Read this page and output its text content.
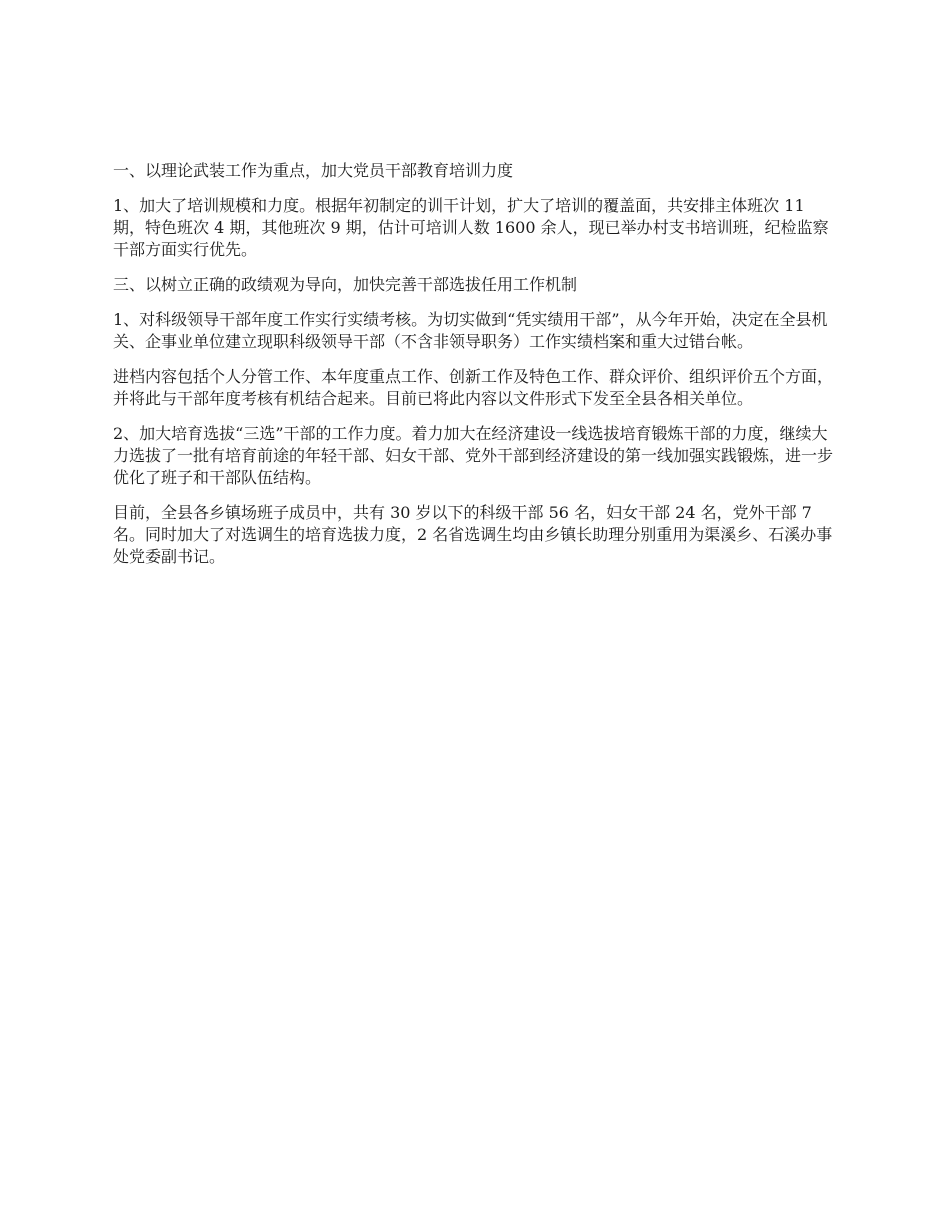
一、以理论武装工作为重点，加大党员干部教育培训力度

1、加大了培训规模和力度。根据年初制定的训干计划，扩大了培训的覆盖面，共安排主体班次 11 期，特色班次 4 期，其他班次 9 期，估计可培训人数 1600 余人，现已举办村支书培训班，纪检监察干部方面实行优先。

三、以树立正确的政绩观为导向，加快完善干部选拔任用工作机制

1、对科级领导干部年度工作实行实绩考核。为切实做到“凭实绩用干部”，从今年开始，决定在全县机关、企事业单位建立现职科级领导干部（不含非领导职务）工作实绩档案和重大过错台帐。

进档内容包括个人分管工作、本年度重点工作、创新工作及特色工作、群众评价、组织评价五个方面，并将此与干部年度考核有机结合起来。目前已将此内容以文件形式下发至全县各相关单位。

2、加大培育选拔“三选”干部的工作力度。着力加大在经济建设一线选拔培育锻炼干部的力度，继续大力选拔了一批有培育前途的年轻干部、妇女干部、党外干部到经济建设的第一线加强实践锻炼，进一步优化了班子和干部队伍结构。

目前，全县各乡镇场班子成员中，共有 30 岁以下的科级干部 56 名，妇女干部 24 名，党外干部 7 名。同时加大了对选调生的培育选拔力度，2 名省选调生均由乡镇长助理分别重用为渠溪乡、石溪办事处党委副书记。
